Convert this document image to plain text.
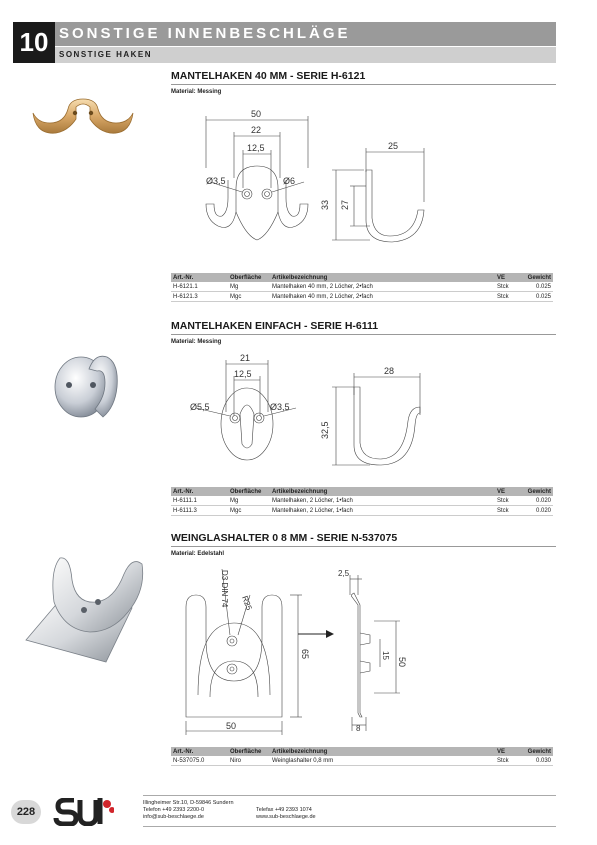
10 SONSTIGE INNENBESCHLÄGE
SONSTIGE HAKEN
MANTELHAKEN 40 MM - SERIE H-6121
Material: Messing
50
22
12,5
Ø3,5	Ø6
25
33 27
Art.-Nr.	Oberfläche	Artikelbezeichnung	VE	Gewicht
H-6121.1	Mg	Mantelhaken 40 mm, 2 Löcher, 2•fach	Stck	0.025
H-6121.3	Mgc	Mantelhaken 40 mm, 2 Löcher, 2•fach	Stck	0.025
MANTELHAKEN EINFACH - SERIE H-6111
Material: Messing
21
12,5
Ø5,5	Ø3,5
28
32,5
Art.-Nr.	Oberfläche	Artikelbezeichnung	VE	Gewicht
H-6111.1	Mg	Mantelhaken, 2 Löcher, 1•fach	Stck	0.020
H-6111.3	Mgc	Mantelhaken, 2 Löcher, 1•fach	Stck	0.020
WEINGLASHALTER 0 8 MM - SERIE N-537075
Material: Edelstahl
D3 DIN 74 R25
65
50
2,5
50
15
8
Art.-Nr.	Oberfläche	Artikelbezeichnung	VE	Gewicht
N-537075.0	Niro	Weinglashalter 0,8 mm	Stck	0.030
228
Illingheimer Str.10, D-59846 Sundern
Telefon +49 2393 2200-0
info@sub-beschlaege.de
Telefax +49 2393 1074
www.sub-beschlaege.de
